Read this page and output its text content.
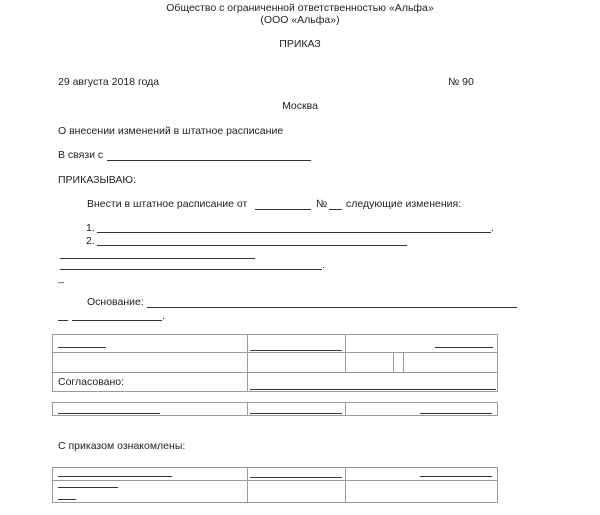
Общество с ограниченной ответственностью «Альфа»
(ООО «Альфа»)
ПРИКАЗ
29 августа 2018 года	№ 90
Москва
О внесении изменений в штатное расписание
В связи с
ПРИКАЗЫВАЮ:
Внести в штатное расписание от	№ следующие изменения:
1.	.
2.
.
_
Основание:
.
Согласовано:
С приказом ознакомлены:
